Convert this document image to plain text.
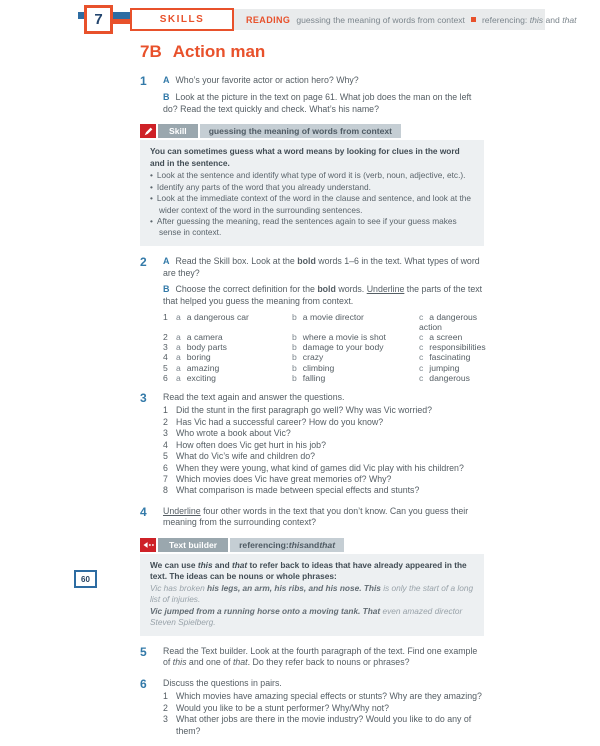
7	SKILLS	READING guessing the meaning of words from context referencing: this and that
7B Action man
1	A Who’s your favorite actor or action hero? Why?

B Look at the picture in the text on page 61. What job does the man on the left do? Read the text quickly and check. What’s his name?

Skill	guessing the meaning of words from context

You can sometimes guess what a word means by looking for clues in the word and in the sentence.

• Look at the sentence and identify what type of word it is (verb, noun, adjective, etc.).
• Identify any parts of the word that you already understand.
• Look at the immediate context of the word in the clause and sentence, and look at the wider context of the word in the surrounding sentences.
• After guessing the meaning, read the sentences again to see if your guess makes sense in context.
2	A Read the Skill box. Look at the bold words 1–6 in the text. What types of word are they?

B Choose the correct definition for the bold words. Underline the parts of the text that helped you guess the meaning from context.

1 a a dangerous car	b a movie director	c a dangerous action
2 a a camera	b where a movie is shot	c a screen
3 a body parts	b damage to your body	c responsibilities
4 a boring	b crazy	c fascinating
5 a amazing	b climbing	c jumping
6 a exciting	b falling	c dangerous
3	Read the text again and answer the questions.

1 Did the stunt in the first paragraph go well? Why was Vic worried?

2 Has Vic had a successful career? How do you know?

3 Who wrote a book about Vic?

4 How often does Vic get hurt in his job?

5 What do Vic’s wife and children do?

6 When they were young, what kind of games did Vic play with his children?

7 Which movies does Vic have great memories of? Why?

8 What comparison is made between special effects and stunts?

4	Underline four other words in the text that you don’t know. Can you guess their meaning from the surrounding context?

Text builder	referencing: this and that

We can use this and that to refer back to ideas that have already appeared in the text. The ideas can be nouns or whole phrases:

Vic has broken his legs, an arm, his ribs, and his nose. This is only the start of a long list of injuries.

Vic jumped from a running horse onto a moving tank. That even amazed director Steven Spielberg.

5	Read the Text builder. Look at the fourth paragraph of the text. Find one example of this and one of that. Do they refer back to nouns or phrases?

6	Discuss the questions in pairs.

1 Which movies have amazing special effects or stunts? Why are they amazing?

2 Would you like to be a stunt performer? Why/Why not?

3 What other jobs are there in the movie industry? Would you like to do any of them?

60
